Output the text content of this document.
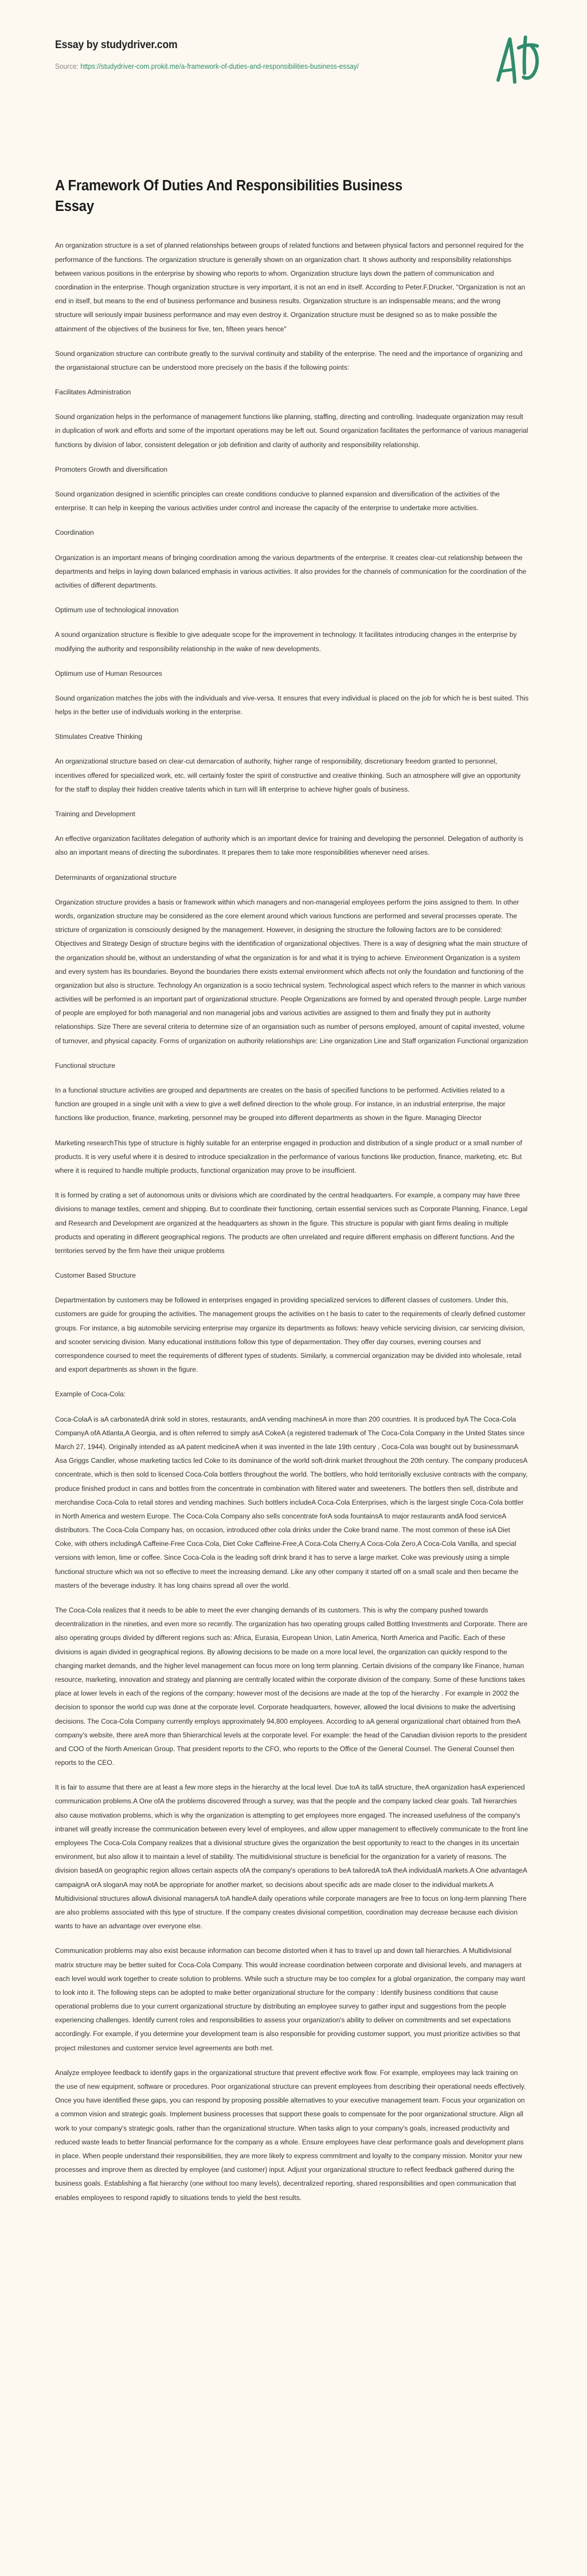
Essay by studydriver.com
Source: https://studydriver-com.prokit.me/a-framework-of-duties-and-responsibilities-business-essay/
A Framework Of Duties And Responsibilities Business Essay

An organization structure is a set of planned relationships between groups of related functions and between physical factors and personnel required for the performance of the functions. The organization structure is generally shown on an organization chart. It shows authority and responsibility relationships between various positions in the enterprise by showing who reports to whom. Organization structure lays down the pattern of communication and coordination in the enterprise. Though organization structure is very important, it is not an end in itself. According to Peter.F.Drucker, "Organization is not an end in itself, but means to the end of business performance and business results. Organization structure is an indispensable means; and the wrong structure will seriously impair business performance and may even destroy it. Organization structure must be designed so as to make possible the attainment of the objectives of the business for five, ten, fifteen years hence"

Sound organization structure can contribute greatly to the survival continuity and stability of the enterprise. The need and the importance of organizing and the organistaional structure can be understood more precisely on the basis if the following points:

Facilitates Administration

Sound organization helps in the performance of management functions like planning, staffing, directing and controlling. Inadequate organization may result in duplication of work and efforts and some of the important operations may be left out. Sound organization facilitates the performance of various managerial functions by division of labor, consistent delegation or job definition and clarity of authority and responsibility relationship.

Promoters Growth and diversification

Sound organization designed in scientific principles can create conditions conducive to planned expansion and diversification of the activities of the enterprise. It can help in keeping the various activities under control and increase the capacity of the enterprise to undertake more activities.

Coordination

Organization is an important means of bringing coordination among the various departments of the enterprise. It creates clear-cut relationship between the departments and helps in laying down balanced emphasis in various activities. It also provides for the channels of communication for the coordination of the activities of different departments.

Optimum use of technological innovation

A sound organization structure is flexible to give adequate scope for the improvement in technology. It facilitates introducing changes in the enterprise by modifying the authority and responsibility relationship in the wake of new developments.

Optimum use of Human Resources

Sound organization matches the jobs with the individuals and vive-versa. It ensures that every individual is placed on the job for which he is best suited. This helps in the better use of individuals working in the enterprise.

Stimulates Creative Thinking

An organizational structure based on clear-cut demarcation of authority, higher range of responsibility, discretionary freedom granted to personnel, incentives offered for specialized work, etc. will certainly foster the spirit of constructive and creative thinking. Such an atmosphere will give an opportunity for the staff to display their hidden creative talents which in turn will lift enterprise to achieve higher goals of business.

Training and Development

An effective organization facilitates delegation of authority which is an important device for training and developing the personnel. Delegation of authority is also an important means of directing the subordinates. It prepares them to take more responsibilities whenever need arises.

Determinants of organizational structure

Organization structure provides a basis or framework within which managers and non-managerial employees perform the joins assigned to them. In other words, organization structure may be considered as the core element around which various functions are performed and several processes operate. The stricture of organization is consciously designed by the management. However, in designing the structure the following factors are to be considered: Objectives and Strategy Design of structure begins with the identification of organizational objectives. There is a way of designing what the main structure of the organization should be, without an understanding of what the organization is for and what it is trying to achieve. Environment Organization is a system and every system has its boundaries. Beyond the boundaries there exists external environment which affects not only the foundation and functioning of the organization but also is structure. Technology An organization is a socio technical system. Technological aspect which refers to the manner in which various activities will be performed is an important part of organizational structure. People Organizations are formed by and operated through people. Large number of people are employed for both managerial and non managerial jobs and various activities are assigned to them and finally they put in authority relationships. Size There are several criteria to determine size of an organsiation such as number of persons employed, amount of capital invested, volume of turnover, and physical capacity. Forms of organization on authority relationships are: Line organization Line and Staff organization Functional organization

Functional structure

In a functional structure activities are grouped and departments are creates on the basis of specified functions to be performed. Activities related to a function are grouped in a single unit with a view to give a well defined direction to the whole group. For instance, in an industrial enterprise, the major functions like production, finance, marketing, personnel may be grouped into different departments as shown in the figure. Managing Director

Marketing researchThis type of structure is highly suitable for an enterprise engaged in production and distribution of a single product or a small number of products. It is very useful where it is desired to introduce specialization in the performance of various functions like production, finance, marketing, etc. But where it is required to handle multiple products, functional organization may prove to be insufficient.

It is formed by crating a set of autonomous units or divisions which are coordinated by the central headquarters. For example, a company may have three divisions to manage textiles, cement and shipping. But to coordinate their functioning, certain essential services such as Corporate Planning, Finance, Legal and Research and Development are organized at the headquarters as shown in the figure. This structure is popular with giant firms dealing in multiple products and operating in different geographical regions. The products are often unrelated and require different emphasis on different functions. And the territories served by the firm have their unique problems

Customer Based Structure

Departmentation by customers may be followed in enterprises engaged in providing specialized services to different classes of customers. Under this, customers are guide for grouping the activities. The management groups the activities on t he basis to cater to the requirements of clearly defined customer groups. For instance, a big automobile servicing enterprise may organize its departments as follows: heavy vehicle servicing division, car servicing division, and scooter servicing division. Many educational institutions follow this type of deparmentation. They offer day courses, evening courses and correspondence coursed to meet the requirements of different types of students. Similarly, a commercial organization may be divided into wholesale, retail and export departments as shown in the figure.

Example of Coca-Cola:

Coca-ColaA is aA carbonatedA drink sold in stores, restaurants, andA vending machinesA in more than 200 countries. It is produced byA The Coca-Cola CompanyA ofA Atlanta,A Georgia, and is often referred to simply asA CokeA (a registered trademark of The Coca-Cola Company in the United States since March 27, 1944). Originally intended as aA patent medicineA when it was invented in the late 19th century , Coca-Cola was bought out by businessmanA Asa Griggs Candler, whose marketing tactics led Coke to its dominance of the world soft-drink market throughout the 20th century. The company producesA concentrate, which is then sold to licensed Coca-Cola bottlers throughout the world. The bottlers, who hold territorially exclusive contracts with the company, produce finished product in cans and bottles from the concentrate in combination with filtered water and sweeteners. The bottlers then sell, distribute and merchandise Coca-Cola to retail stores and vending machines. Such bottlers includeA Coca-Cola Enterprises, which is the largest single Coca-Cola bottler in North America and western Europe. The Coca-Cola Company also sells concentrate forA soda fountainsA to major restaurants andA food serviceA distributors. The Coca-Cola Company has, on occasion, introduced other cola drinks under the Coke brand name. The most common of these isA Diet Coke, with others includingA Caffeine-Free Coca-Cola, Diet Coke Caffeine-Free,A Coca-Cola Cherry,A Coca-Cola Zero,A Coca-Cola Vanilla, and special versions with lemon, lime or coffee. Since Coca-Cola is the leading soft drink brand it has to serve a large market. Coke was previously using a simple functional structure which wa not so effective to meet the increasing demand. Like any other company it started off on a small scale and then became the masters of the beverage industry. It has long chains spread all over the world.

The Coca-Cola realizes that it needs to be able to meet the ever changing demands of its customers. This is why the company pushed towards decentralization in the nineties, and even more so recently. The organization has two operating groups called Bottling Investments and Corporate. There are also operating groups divided by different regions such as: Africa, Eurasia, European Union, Latin America, North America and Pacific. Each of these divisions is again divided in geographical regions. By allowing decisions to be made on a more local level, the organization can quickly respond to the changing market demands, and the higher level management can focus more on long term planning. Certain divisions of the company like Finance, human resource, marketing, innovation and strategy and planning are centrally located within the corporate division of the company. Some of these functions takes place at lower levels in each of the regions of the company; however most of the decisions are made at the top of the hierarchy . For example in 2002 the decision to sponsor the world cup was done at the corporate level. Corporate headquarters, however, allowed the local divisions to make the advertising decisions. The Coca-Cola Company currently employs approximately 94,800 employees. According to aA general organizational chart obtained from theA company's website, there areA more than 5hierarchical levels at the corporate level. For example: the head of the Canadian division reports to the president and COO of the North American Group. That president reports to the CFO, who reports to the Office of the General Counsel. The General Counsel then reports to the CEO.

It is fair to assume that there are at least a few more steps in the hierarchy at the local level. Due toA its tallA structure, theA organization hasA experienced communication problems.A One ofA the problems discovered through a survey, was that the people and the company lacked clear goals. Tall hierarchies also cause motivation problems, which is why the organization is attempting to get employees more engaged. The increased usefulness of the company's intranet will greatly increase the communication between every level of employees, and allow upper management to effectively communicate to the front line employees The Coca-Cola Company realizes that a divisional structure gives the organization the best opportunity to react to the changes in its uncertain environment, but also allow it to maintain a level of stability. The multidivisional structure is beneficial for the organization for a variety of reasons. The division basedA on geographic region allows certain aspects ofA the company's operations to beA tailoredA toA theA individualA markets.A One advantageA campaignA orA sloganA may notA be appropriate for another market, so decisions about specific ads are made closer to the individual markets.A Multidivisional structures allowA divisional managersA toA handleA daily operations while corporate managers are free to focus on long-term planning There are also problems associated with this type of structure. If the company creates divisional competition, coordination may decrease because each division wants to have an advantage over everyone else.

Communication problems may also exist because information can become distorted when it has to travel up and down tall hierarchies. A Multidivisional matrix structure may be better suited for Coca-Cola Company. This would increase coordination between corporate and divisional levels, and managers at each level would work together to create solution to problems. While such a structure may be too complex for a global organization, the company may want to look into it. The following steps can be adopted to make better organizational structure for the company : Identify business conditions that cause operational problems due to your current organizational structure by distributing an employee survey to gather input and suggestions from the people experiencing challenges. Identify current roles and responsibilities to assess your organization's ability to deliver on commitments and set expectations accordingly. For example, if you determine your development team is also responsible for providing customer support, you must prioritize activities so that project milestones and customer service level agreements are both met.

Analyze employee feedback to identify gaps in the organizational structure that prevent effective work flow. For example, employees may lack training on the use of new equipment, software or procedures. Poor organizational structure can prevent employees from describing their operational needs effectively. Once you have identified these gaps, you can respond by proposing possible alternatives to your executive management team. Focus your organization on a common vision and strategic goals. Implement business processes that support these goals to compensate for the poor organizational structure. Align all work to your company's strategic goals, rather than the organizational structure. When tasks align to your company's goals, increased productivity and reduced waste leads to better financial performance for the company as a whole. Ensure employees have clear performance goals and development plans in place. When people understand their responsibilities, they are more likely to express commitment and loyalty to the company mission. Monitor your new processes and improve them as directed by employee (and customer) input. Adjust your organizational structure to reflect feedback gathered during the business goals. Establishing a flat hierarchy (one without too many levels), decentralized reporting, shared responsibilities and open communication that enables employees to respond rapidly to situations tends to yield the best results.
